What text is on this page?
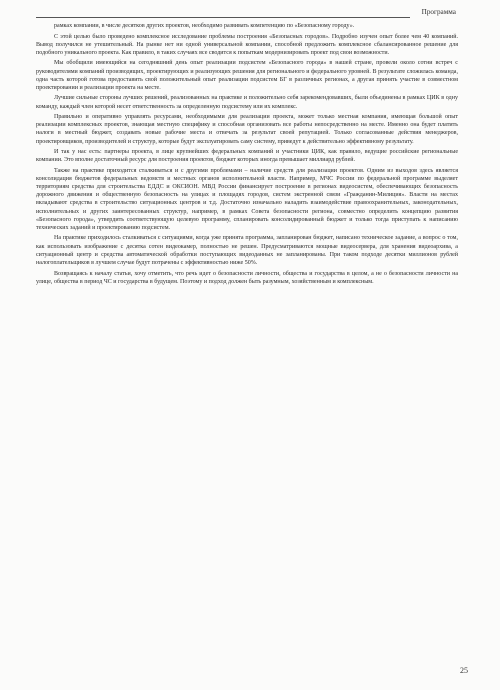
Программа

рамках компании, в числе десятков других проектов, необходимо развивать компетенцию по «Безопасному городу».

С этой целью было проведено комплексное исследование проблемы построения «Безопасных городов». Подробно изучен опыт более чем 40 компаний. Вывод получился не утешительный. На рынке нет ни одной универсальной компании, способной предложить комплексное сбалансированное решение для подобного уникального проекта. Как правило, в таких случаях все сводится к попыткам модернизировать проект под свои возможности.

Мы обобщили имеющийся на сегодняшний день опыт реализации подсистем «Безопасного города» в нашей стране, провели около сотни встреч с руководителями компаний производящих, проектирующих и реализующих решения для регионального и федерального уровней. В результате сложилась команда, одна часть которой готова предоставить свой положительный опыт реализации подсистем БГ в различных регионах, а другая принять участие в совместном проектировании и реализации проекта на месте.

Лучшие сильные стороны лучших решений, реализованных на практике и положительно себя зарекомендовавших, были объединены в рамках ЦИК в одну команду, каждый член которой несет ответственность за определенную подсистему или их комплекс.

Правильно и оперативно управлять ресурсами, необходимыми для реализации проекта, может только местная компания, имеющая большой опыт реализации комплексных проектов, знающая местную специфику и способная организовать все работы непосредственно на месте. Именно она будет платить налоги в местный бюджет, создавать новые рабочие места и отвечать за результат своей репутацией. Только согласованные действия менеджеров, проектировщиков, производителей и структур, которые будут эксплуатировать саму систему, приведут к действительно эффективному результату.

И так у нас есть: партнеры проекта, в лице крупнейших федеральных компаний и участники ЦИК, как правило, ведущие российские региональные компании. Это вполне достаточный ресурс для построения проектов, бюджет которых иногда превышает миллиард рублей.

Также на практике приходится сталкиваться и с другими проблемами – наличие средств для реализации проектов. Одним из выходов здесь является консолидация бюджетов федеральных ведомств и местных органов исполнительной власти. Например, МЧС России по федеральной программе выделяет территориям средства для строительства ЕДДС и ОКСИОН. МВД России финансирует построение в регионах видеосистем, обеспечивающих безопасность дорожного движения и общественную безопасность на улицах и площадях городов, систем экстренной связи «Гражданин-Милиция». Власти на местах вкладывают средства в строительство ситуационных центров и т.д. Достаточно изначально наладить взаимодействие правоохранительных, законодательных, исполнительных и других заинтересованных структур, например, в рамках Совета безопасности региона, совместно определить концепцию развития «Безопасного города», утвердить соответствующую целевую программу, спланировать консолидированный бюджет и только тогда приступать к написанию технических заданий и проектированию подсистем.

На практике приходилось сталкиваться с ситуациями, когда уже принята программа, запланирован бюджет, написано техническое задание, а вопрос о том, как использовать изображение с десятка сотен видеокамер, полностью не решен. Предусматриваются мощные видеосервера, для хранения видеоархива, а ситуационный центр и средства автоматической обработки поступающих видеоданных не запланированы. При таком подходе десятки миллионов рублей налогоплательщиков в лучшем случае будут потрачены с эффективностью ниже 50%.

Возвращаясь к началу статьи, хочу отметить, что речь идет о безопасности личности, общества и государства в целом, а не о безопасности личности на улице, общества в период ЧС и государства в будущем. Поэтому и подход должен быть разумным, хозяйственным и комплексным.

25
